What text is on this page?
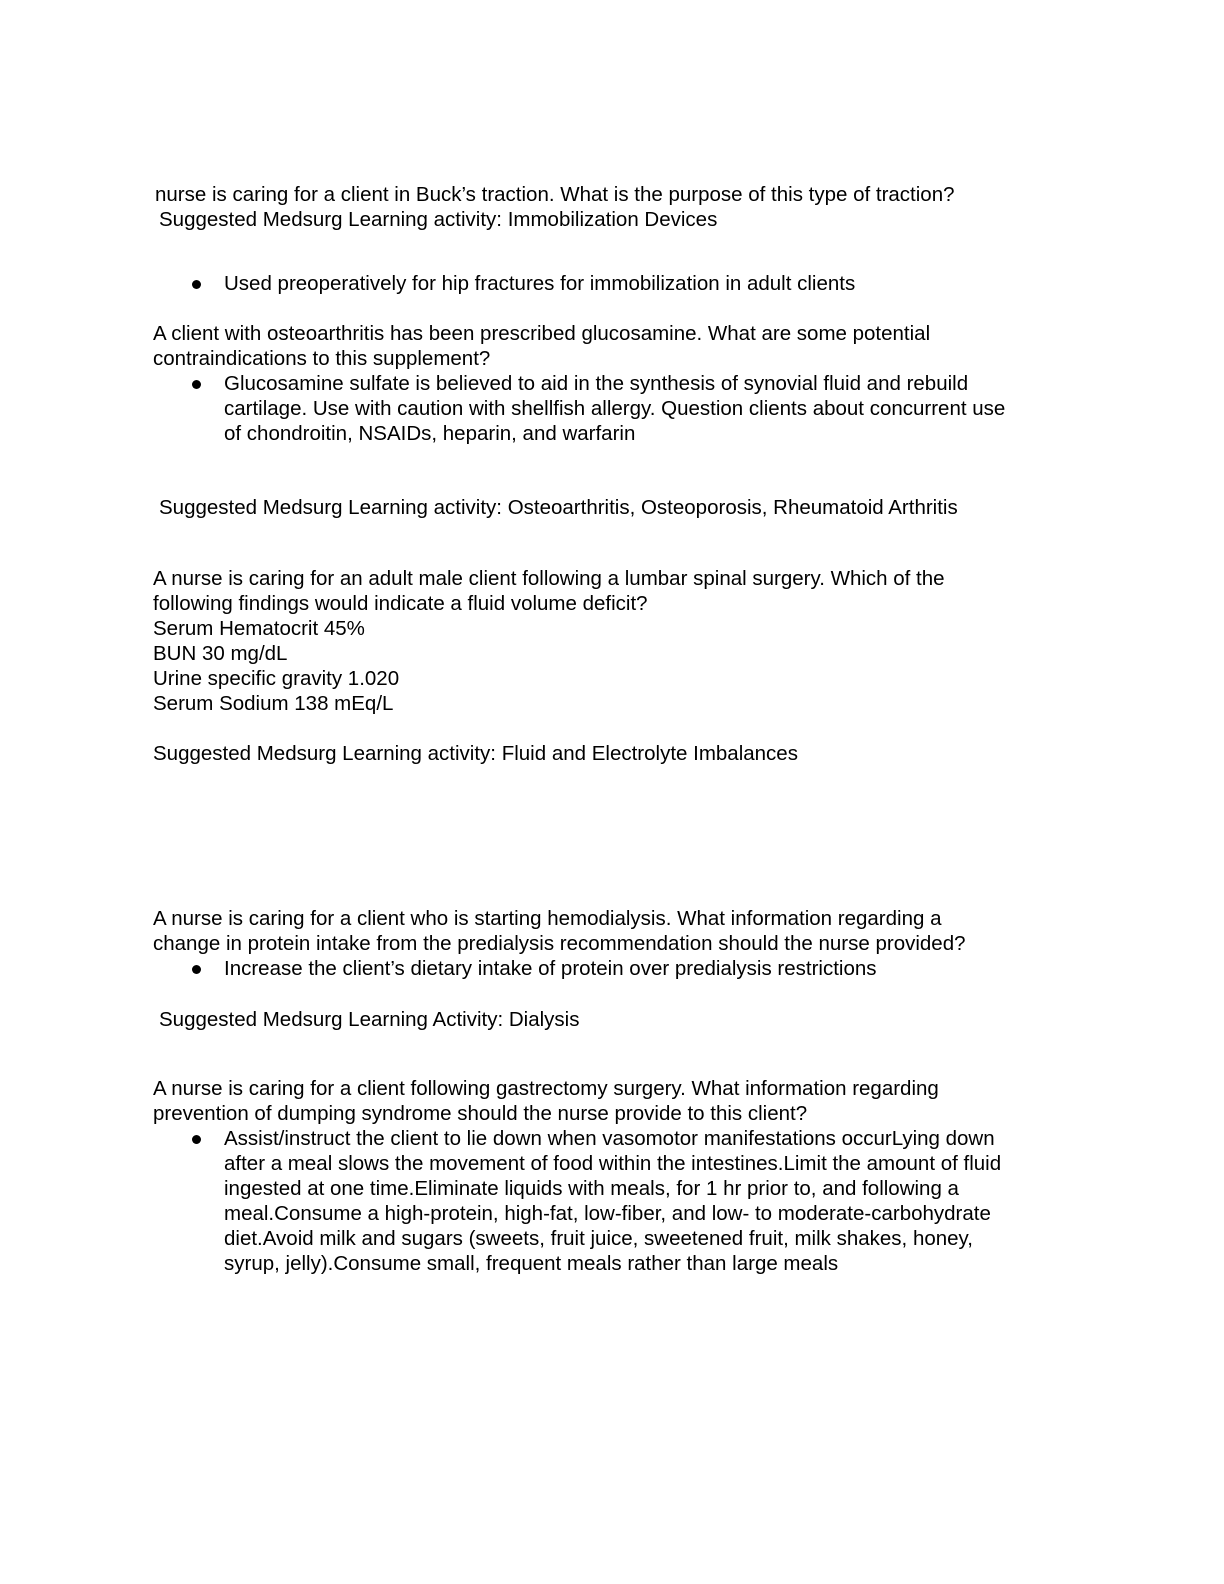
nurse is caring for a client in Buck’s traction. What is the purpose of this type of traction?
Suggested Medsurg Learning activity: Immobilization Devices
Used preoperatively for hip fractures for immobilization in adult clients
A client with osteoarthritis has been prescribed glucosamine. What are some potential
contraindications to this supplement?
Glucosamine sulfate is believed to aid in the synthesis of synovial fluid and rebuild
cartilage. Use with caution with shellfish allergy. Question clients about concurrent use
of chondroitin, NSAIDs, heparin, and warfarin
Suggested Medsurg Learning activity: Osteoarthritis, Osteoporosis, Rheumatoid Arthritis
A nurse is caring for an adult male client following a lumbar spinal surgery. Which of the
following findings would indicate a fluid volume deficit?
Serum Hematocrit 45%
BUN 30 mg/dL
Urine specific gravity 1.020
Serum Sodium 138 mEq/L
Suggested Medsurg Learning activity: Fluid and Electrolyte Imbalances
A nurse is caring for a client who is starting hemodialysis. What information regarding a
change in protein intake from the predialysis recommendation should the nurse provided?
Increase the client’s dietary intake of protein over predialysis restrictions
Suggested Medsurg Learning Activity: Dialysis
A nurse is caring for a client following gastrectomy surgery. What information regarding
prevention of dumping syndrome should the nurse provide to this client?
Assist/instruct the client to lie down when vasomotor manifestations occurLying down
after a meal slows the movement of food within the intestines.Limit the amount of fluid
ingested at one time.Eliminate liquids with meals, for 1 hr prior to, and following a
meal.Consume a high-protein, high-fat, low-fiber, and low- to moderate-carbohydrate
diet.Avoid milk and sugars (sweets, fruit juice, sweetened fruit, milk shakes, honey,
syrup, jelly).Consume small, frequent meals rather than large meals
